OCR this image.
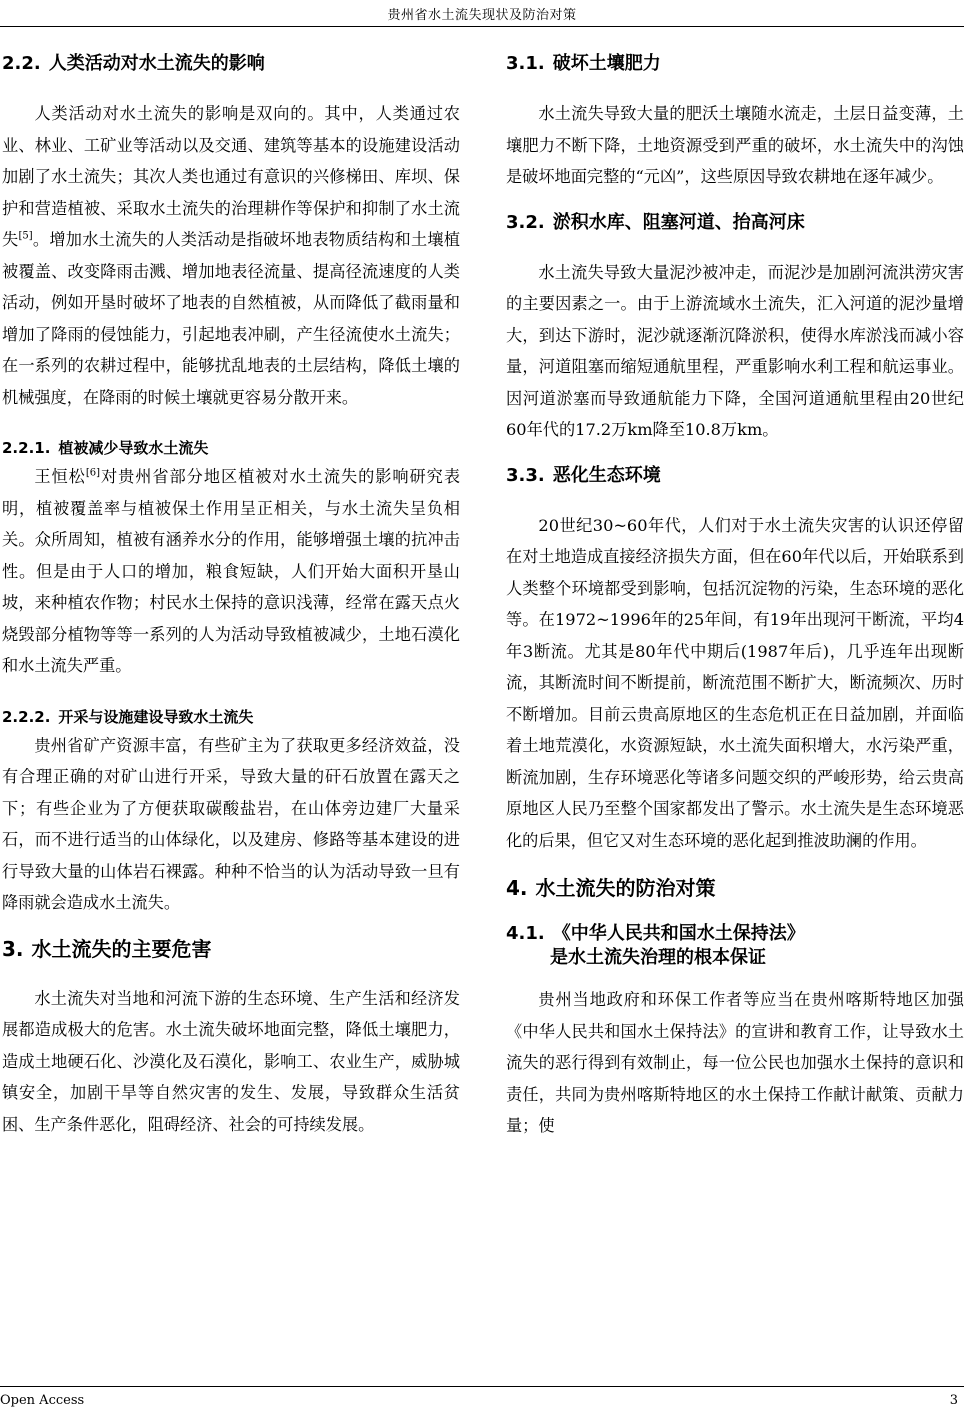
贵州省水土流失现状及防治对策
2.2. 人类活动对水土流失的影响

人类活动对水土流失的影响是双向的。其中，人类通过农业、林业、工矿业等活动以及交通、建筑等基本的设施建设活动加剧了水土流失；其次人类也通过有意识的兴修梯田、库坝、保护和营造植被、采取水土流失的治理耕作等保护和抑制了水土流失[5]。增加水土流失的人类活动是指破坏地表物质结构和土壤植被覆盖、改变降雨击溅、增加地表径流量、提高径流速度的人类活动，例如开垦时破坏了地表的自然植被，从而降低了截雨量和增加了降雨的侵蚀能力，引起地表冲刷，产生径流使水土流失；在一系列的农耕过程中，能够扰乱地表的土层结构，降低土壤的机械强度，在降雨的时候土壤就更容易分散开来。

2.2.1. 植被减少导致水土流失

王恒松[6]对贵州省部分地区植被对水土流失的影响研究表明，植被覆盖率与植被保土作用呈正相关，与水土流失呈负相关。众所周知，植被有涵养水分的作用，能够增强土壤的抗冲击性。但是由于人口的增加，粮食短缺，人们开始大面积开垦山坡，来种植农作物；村民水土保持的意识浅薄，经常在露天点火烧毁部分植物等等一系列的人为活动导致植被减少，土地石漠化和水土流失严重。

2.2.2. 开采与设施建设导致水土流失

贵州省矿产资源丰富，有些矿主为了获取更多经济效益，没有合理正确的对矿山进行开采，导致大量的矸石放置在露天之下；有些企业为了方便获取碳酸盐岩，在山体旁边建厂大量采石，而不进行适当的山体绿化，以及建房、修路等基本建设的进行导致大量的山体岩石裸露。种种不恰当的认为活动导致一旦有降雨就会造成水土流失。

3. 水土流失的主要危害

水土流失对当地和河流下游的生态环境、生产生活和经济发展都造成极大的危害。水土流失破坏地面完整，降低土壤肥力，造成土地硬石化、沙漠化及石漠化，影响工、农业生产，威胁城镇安全，加剧干旱等自然灾害的发生、发展，导致群众生活贫困、生产条件恶化，阻碍经济、社会的可持续发展。

3.1. 破坏土壤肥力

水土流失导致大量的肥沃土壤随水流走，土层日益变薄，土壤肥力不断下降，土地资源受到严重的破坏，水土流失中的沟蚀是破坏地面完整的“元凶”，这些原因导致农耕地在逐年减少。

3.2. 淤积水库、阻塞河道、抬高河床

水土流失导致大量泥沙被冲走，而泥沙是加剧河流洪涝灾害的主要因素之一。由于上游流域水土流失，汇入河道的泥沙量增大，到达下游时，泥沙就逐渐沉降淤积，使得水库淤浅而减小容量，河道阻塞而缩短通航里程，严重影响水利工程和航运事业。因河道淤塞而导致通航能力下降，全国河道通航里程由20世纪60年代的17.2万km降至10.8万km。

3.3. 恶化生态环境

20世纪30~60年代，人们对于水土流失灾害的认识还停留在对土地造成直接经济损失方面，但在60年代以后，开始联系到人类整个环境都受到影响，包括沉淀物的污染，生态环境的恶化等。在1972~1996年的25年间，有19年出现河干断流，平均4年3断流。尤其是80年代中期后(1987年后)，几乎连年出现断流，其断流时间不断提前，断流范围不断扩大，断流频次、历时不断增加。目前云贵高原地区的生态危机正在日益加剧，并面临着土地荒漠化，水资源短缺，水土流失面积增大，水污染严重，断流加剧，生存环境恶化等诸多问题交织的严峻形势，给云贵高原地区人民乃至整个国家都发出了警示。水土流失是生态环境恶化的后果，但它又对生态环境的恶化起到推波助澜的作用。

4. 水土流失的防治对策
4.1. 《中华人民共和国水土保持法》
是水土流失治理的根本保证

贵州当地政府和环保工作者等应当在贵州喀斯特地区加强《中华人民共和国水土保持法》的宣讲和教育工作，让导致水土流失的恶行得到有效制止，每一位公民也加强水土保持的意识和责任，共同为贵州喀斯特地区的水土保持工作献计献策、贡献力量；使

Open Access	3
